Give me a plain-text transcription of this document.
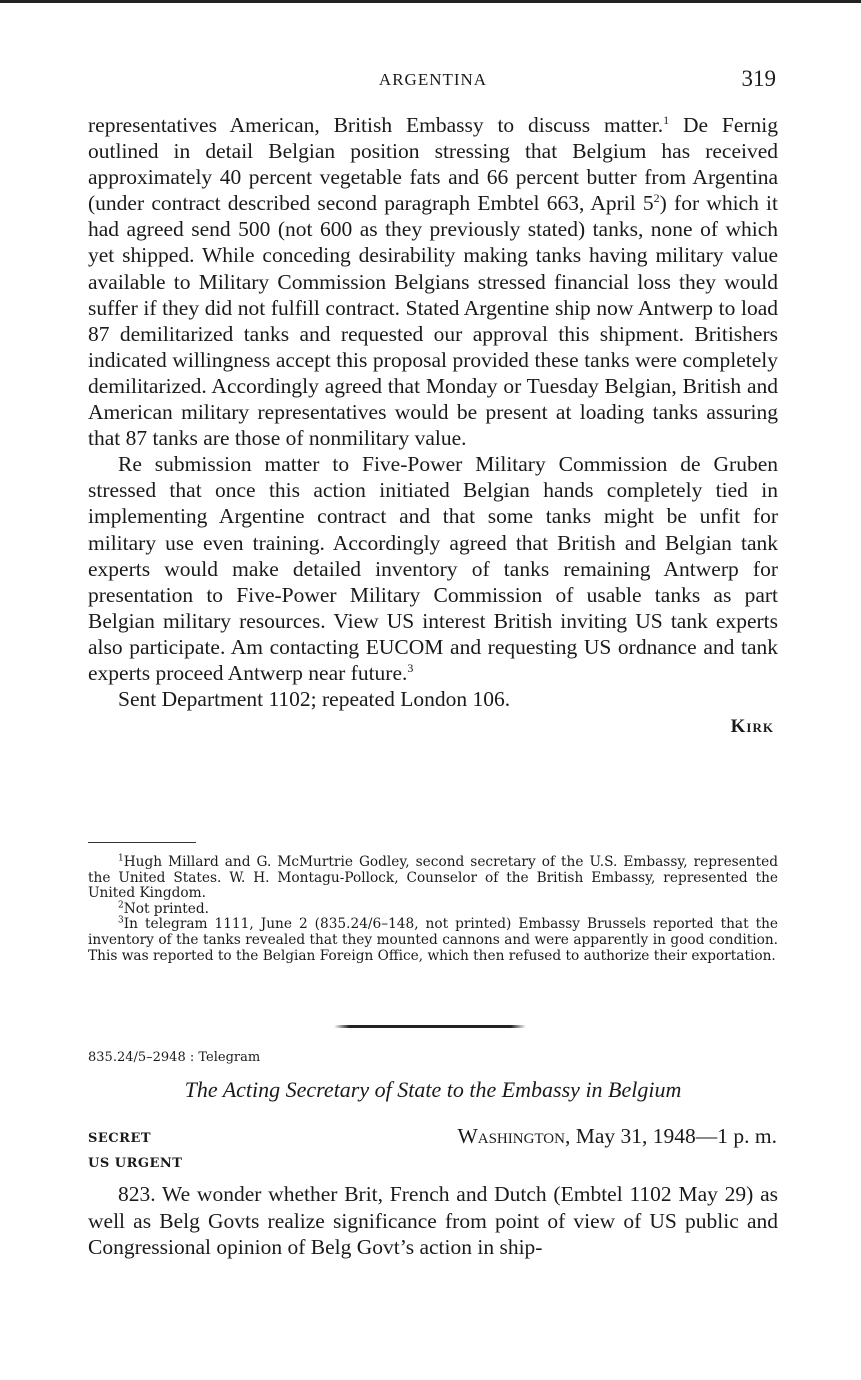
ARGENTINA	319

representatives American, British Embassy to discuss matter.$^1$ De Fernig outlined in detail Belgian position stressing that Belgium has received approximately 40 percent vegetable fats and 66 percent butter from Argentina (under contract described second paragraph Embtel 663, April $5^2$) for which it had agreed send 500 (not 600 as they previously stated) tanks, none of which yet shipped. While conceding desirability making tanks having military value available to Military Commission Belgians stressed financial loss they would suffer if they did not fulfill contract. Stated Argentine ship now Antwerp to load 87 demilitarized tanks and requested our approval this shipment. Britishers indicated willingness accept this proposal provided these tanks were completely demilitarized. Accordingly agreed that Monday or Tuesday Belgian, British and American military representatives would be present at loading tanks assuring that 87 tanks are those of nonmilitary value.

Re submission matter to Five-Power Military Commission de Gruben stressed that once this action initiated Belgian hands completely tied in implementing Argentine contract and that some tanks might be unfit for military use even training. Accordingly agreed that British and Belgian tank experts would make detailed inventory of tanks remaining Antwerp for presentation to Five-Power Military Commission of usable tanks as part Belgian military resources. View US interest British inviting US tank experts also participate. Am contacting EUCOM and requesting US ordnance and tank experts proceed Antwerp near future.$^3$

Sent Department 1102; repeated London 106.

Kirk

$^1$Hugh Millard and G. McMurtrie Godley, second secretary of the U.S. Embassy, represented the United States. W. H. Montagu-Pollock, Counselor of the British Embassy, represented the United Kingdom.

$^2$Not printed.

$^3$In telegram 1111, June 2 (835.24/6–148, not printed) Embassy Brussels reported that the inventory of the tanks revealed that they mounted cannons and were apparently in good condition. This was reported to the Belgian Foreign Office, which then refused to authorize their exportation.

835.24/5–2948 : Telegram
The Acting Secretary of State to the Embassy in Belgium
SECRET	Washington, May 31, 1948—1 p. m.
US URGENT

823. We wonder whether Brit, French and Dutch (Embtel 1102 May 29) as well as Belg Govts realize significance from point of view of US public and Congressional opinion of Belg Govt’s action in ship-
